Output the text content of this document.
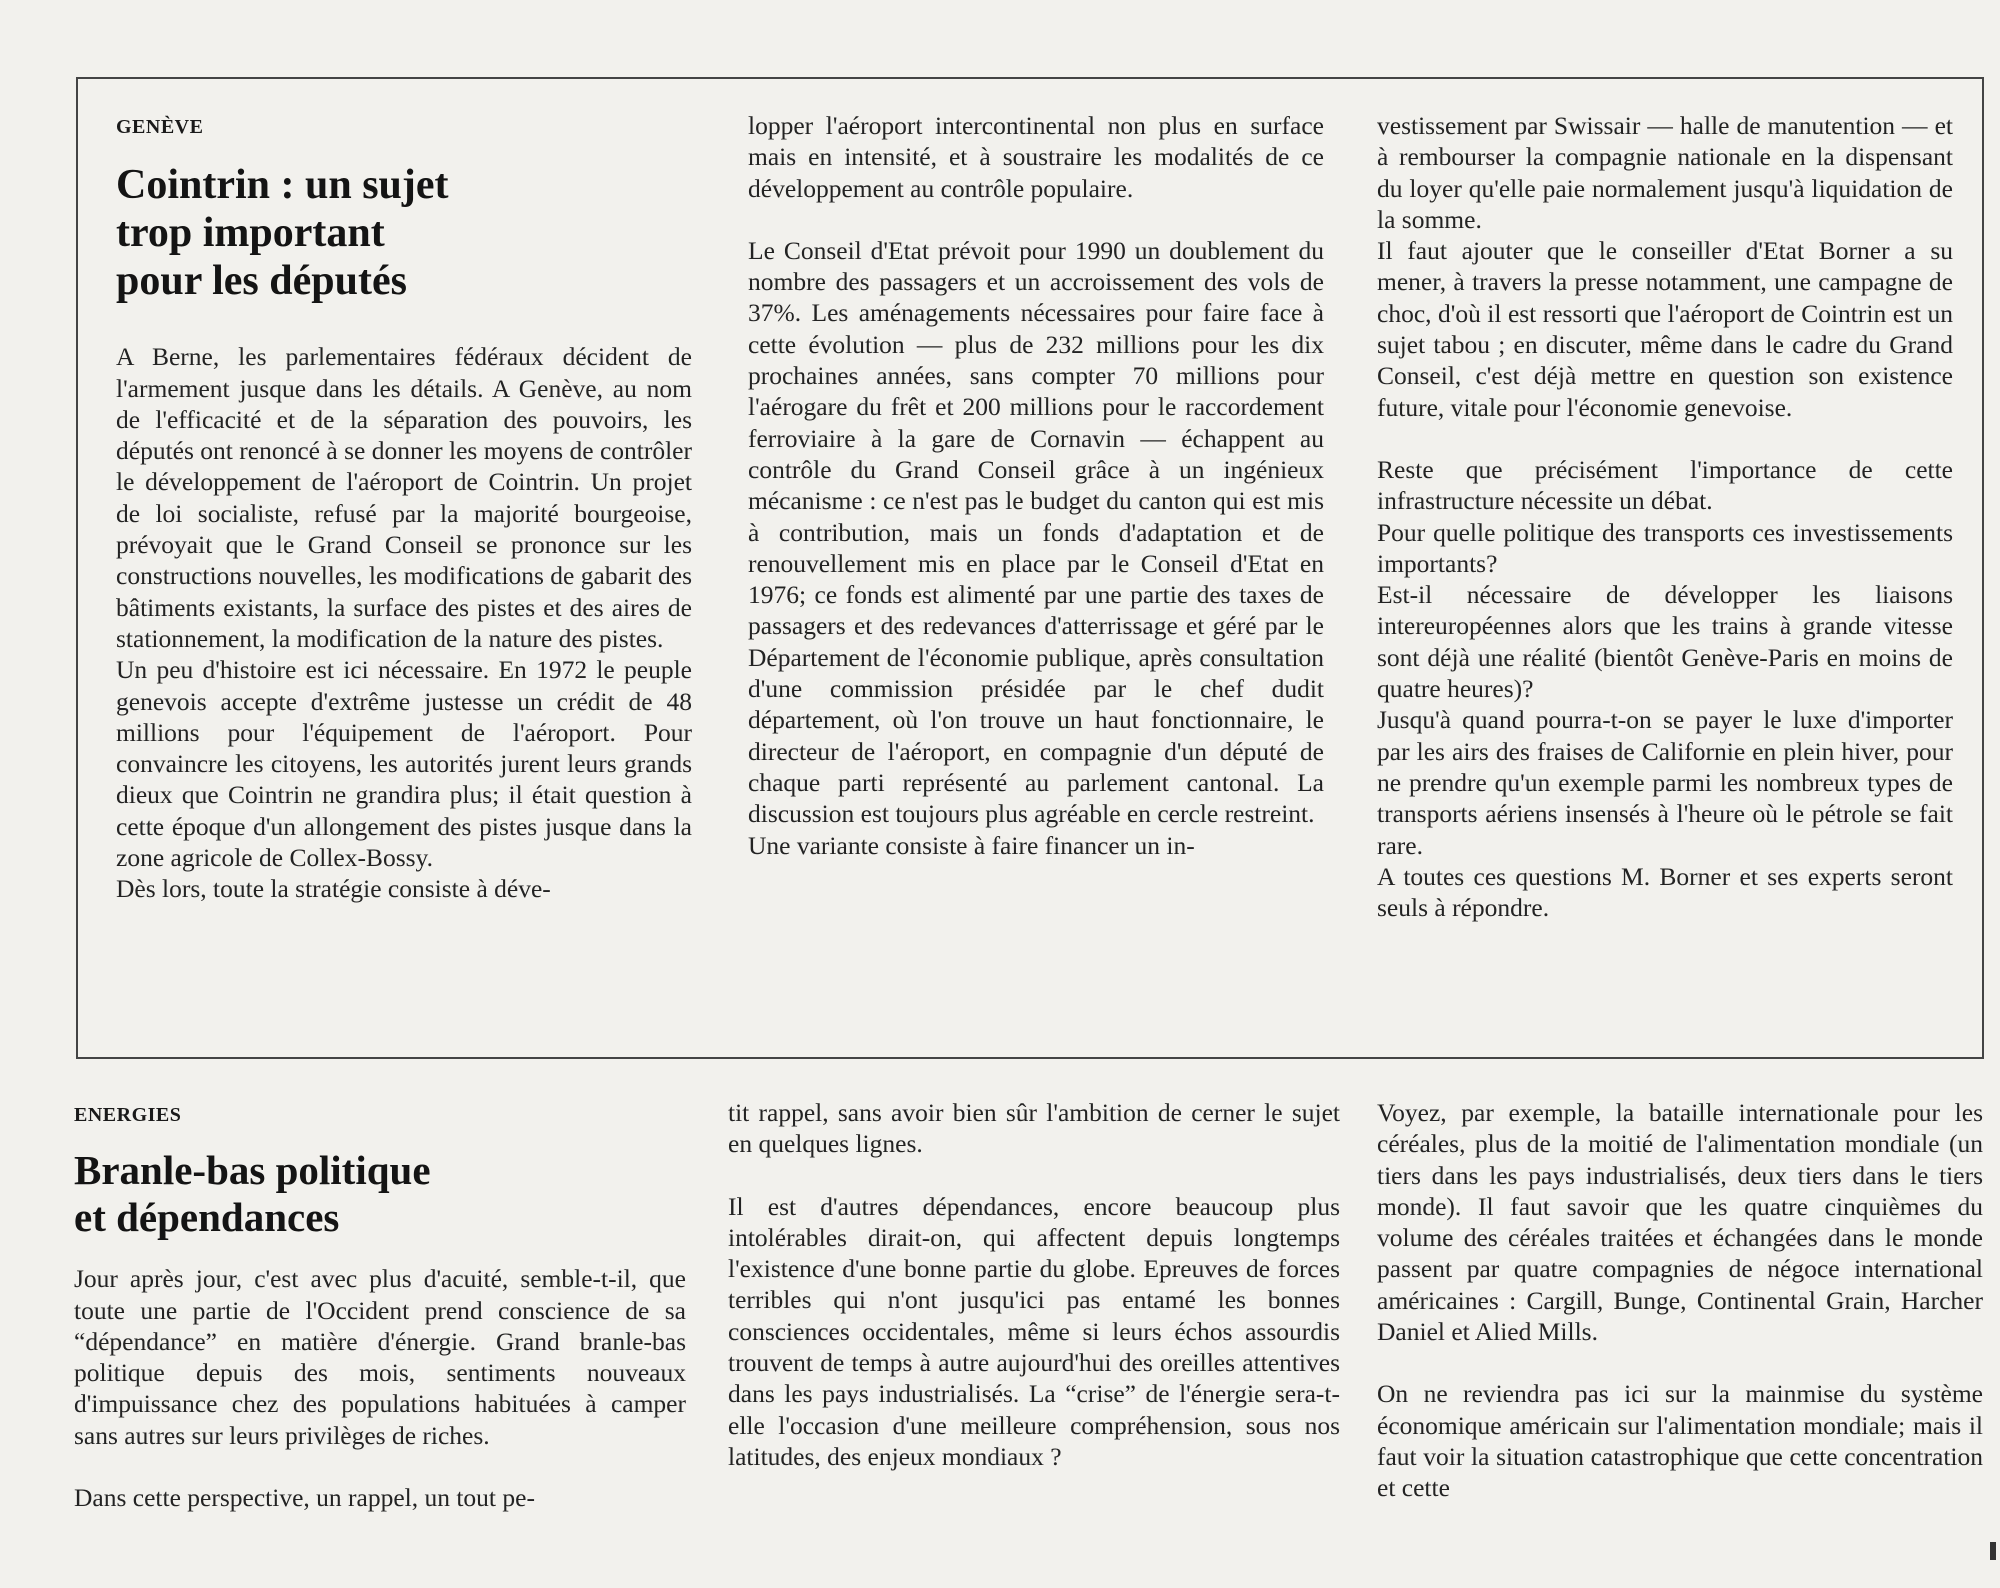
GENÈVE
Cointrin : un sujet
trop important
pour les députés

A Berne, les parlementaires fédéraux décident de l'armement jusque dans les détails. A Genève, au nom de l'efficacité et de la séparation des pouvoirs, les députés ont renoncé à se donner les moyens de contrôler le développement de l'aéroport de Cointrin. Un projet de loi socialiste, refusé par la majorité bourgeoise, prévoyait que le Grand Conseil se prononce sur les constructions nouvelles, les modifications de gabarit des bâtiments existants, la surface des pistes et des aires de stationnement, la modification de la nature des pistes.

Un peu d'histoire est ici nécessaire. En 1972 le peuple genevois accepte d'extrême justesse un crédit de 48 millions pour l'équipement de l'aéroport. Pour convaincre les citoyens, les autorités jurent leurs grands dieux que Cointrin ne grandira plus; il était question à cette époque d'un allongement des pistes jusque dans la zone agricole de Collex-Bossy.

Dès lors, toute la stratégie consiste à déve-

lopper l'aéroport intercontinental non plus en surface mais en intensité, et à soustraire les modalités de ce développement au contrôle populaire.

Le Conseil d'Etat prévoit pour 1990 un doublement du nombre des passagers et un accroissement des vols de 37%. Les aménagements nécessaires pour faire face à cette évolution — plus de 232 millions pour les dix prochaines années, sans compter 70 millions pour l'aérogare du frêt et 200 millions pour le raccordement ferroviaire à la gare de Cornavin — échappent au contrôle du Grand Conseil grâce à un ingénieux mécanisme : ce n'est pas le budget du canton qui est mis à contribution, mais un fonds d'adaptation et de renouvellement mis en place par le Conseil d'Etat en 1976; ce fonds est alimenté par une partie des taxes de passagers et des redevances d'atterrissage et géré par le Département de l'économie publique, après consultation d'une commission présidée par le chef dudit département, où l'on trouve un haut fonctionnaire, le directeur de l'aéroport, en compagnie d'un député de chaque parti représenté au parlement cantonal. La discussion est toujours plus agréable en cercle restreint.

Une variante consiste à faire financer un in-

vestissement par Swissair — halle de manutention — et à rembourser la compagnie nationale en la dispensant du loyer qu'elle paie normalement jusqu'à liquidation de la somme.

Il faut ajouter que le conseiller d'Etat Borner a su mener, à travers la presse notamment, une campagne de choc, d'où il est ressorti que l'aéroport de Cointrin est un sujet tabou ; en discuter, même dans le cadre du Grand Conseil, c'est déjà mettre en question son existence future, vitale pour l'économie genevoise.

Reste que précisément l'importance de cette infrastructure nécessite un débat.

Pour quelle politique des transports ces investissements importants?

Est-il nécessaire de développer les liaisons intereuropéennes alors que les trains à grande vitesse sont déjà une réalité (bientôt Genève-Paris en moins de quatre heures)?

Jusqu'à quand pourra-t-on se payer le luxe d'importer par les airs des fraises de Californie en plein hiver, pour ne prendre qu'un exemple parmi les nombreux types de transports aériens insensés à l'heure où le pétrole se fait rare.

A toutes ces questions M. Borner et ses experts seront seuls à répondre.

ENERGIES
Branle-bas politique
et dépendances

Jour après jour, c'est avec plus d'acuité, semble-t-il, que toute une partie de l'Occident prend conscience de sa “dépendance” en matière d'énergie. Grand branle-bas politique depuis des mois, sentiments nouveaux d'impuissance chez des populations habituées à camper sans autres sur leurs privilèges de riches.

Dans cette perspective, un rappel, un tout pe-

tit rappel, sans avoir bien sûr l'ambition de cerner le sujet en quelques lignes.

Il est d'autres dépendances, encore beaucoup plus intolérables dirait-on, qui affectent depuis longtemps l'existence d'une bonne partie du globe. Epreuves de forces terribles qui n'ont jusqu'ici pas entamé les bonnes consciences occidentales, même si leurs échos assourdis trouvent de temps à autre aujourd'hui des oreilles attentives dans les pays industrialisés. La “crise” de l'énergie sera-t-elle l'occasion d'une meilleure compréhension, sous nos latitudes, des enjeux mondiaux ?

Voyez, par exemple, la bataille internationale pour les céréales, plus de la moitié de l'alimentation mondiale (un tiers dans les pays industrialisés, deux tiers dans le tiers monde). Il faut savoir que les quatre cinquièmes du volume des céréales traitées et échangées dans le monde passent par quatre compagnies de négoce international américaines : Cargill, Bunge, Continental Grain, Harcher Daniel et Alied Mills.

On ne reviendra pas ici sur la mainmise du système économique américain sur l'alimentation mondiale; mais il faut voir la situation catastrophique que cette concentration et cette
